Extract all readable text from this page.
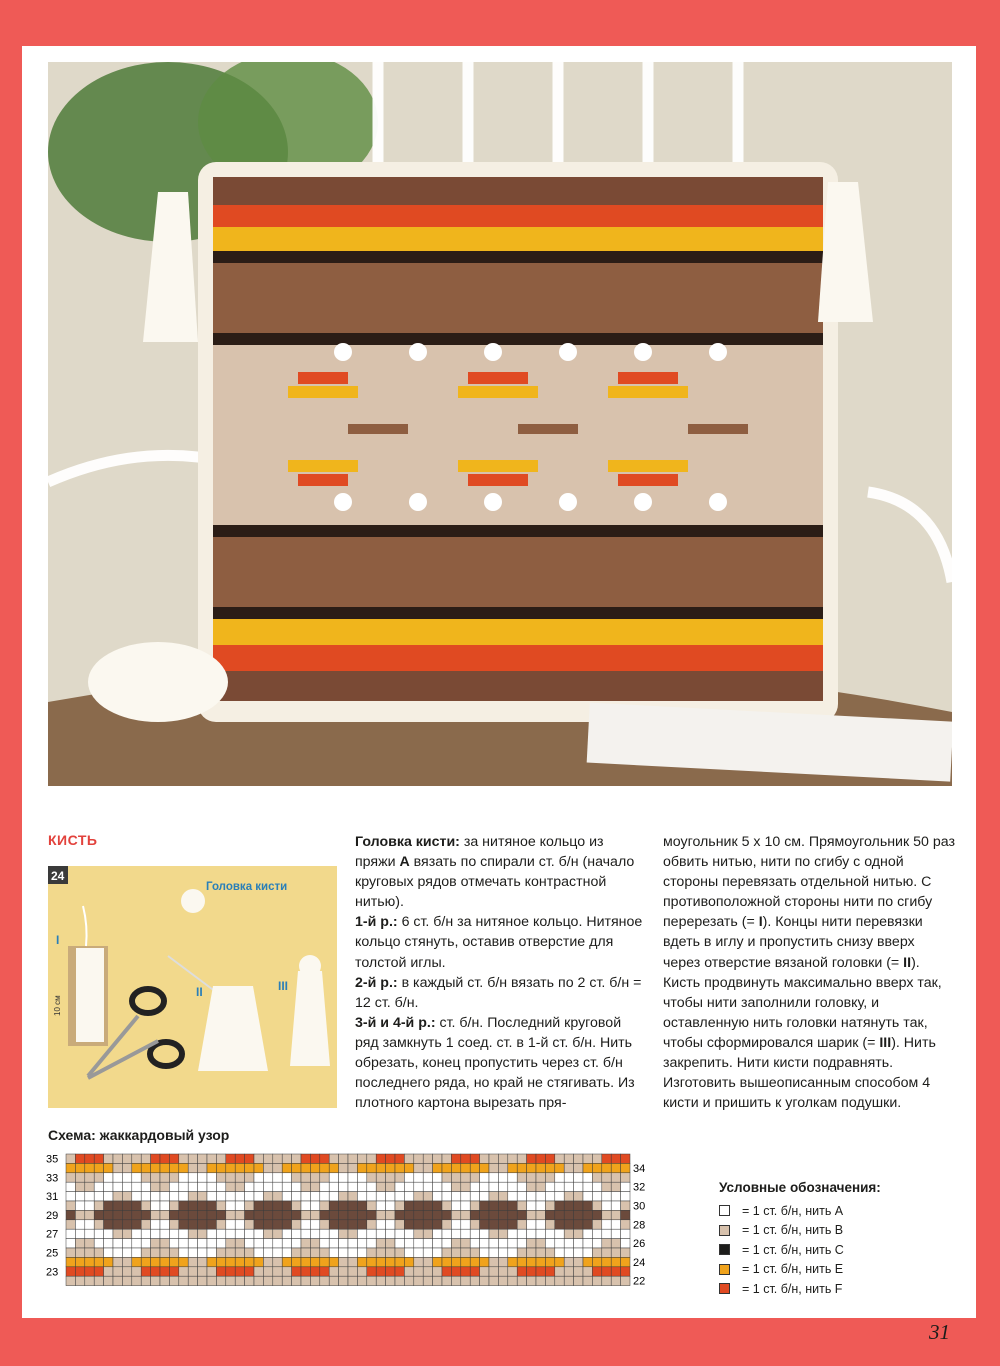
КИСТЬ
24
Головка кисти
I
II	III
10 см

Головка кисти: за нитяное кольцо из пряжи A вязать по спирали ст. б/н (начало круговых рядов отмечать контрастной нитью).

1-й р.: 6 ст. б/н за нитяное кольцо. Нитяное кольцо стянуть, оставив отверстие для толстой иглы.

2-й р.: в каждый ст. б/н вязать по 2 ст. б/н = 12 ст. б/н.

3-й и 4-й р.: ст. б/н. Последний круговой ряд замкнуть 1 соед. ст. в 1-й ст. б/н. Нить обрезать, конец пропустить через ст. б/н последнего ряда, но край не стягивать. Из плотного картона вырезать пря-

моугольник 5 х 10 см. Прямоугольник 50 раз обвить нитью, нити по сгибу с одной стороны перевязать отдельной нитью. С противоположной стороны нити по сгибу перерезать (= I). Концы нити перевязки вдеть в иглу и пропустить снизу вверх через отверстие вязаной головки (= II). Кисть продвинуть максимально вверх так, чтобы нити заполнили головку, и оставленную нить головки натянуть так, чтобы сформировался шарик (= III). Нить закрепить. Нити кисти подравнять. Изготовить вышеописанным способом 4 кисти и пришить к уголкам подушки.

Схема: жаккардовый узор
35
33
31
29
27
25
23
34
32
30
28
26
24
22
Условные обозначения:
= 1 ст. б/н, нить A
= 1 ст. б/н, нить B
= 1 ст. б/н, нить C
= 1 ст. б/н, нить E
= 1 ст. б/н, нить F
31
